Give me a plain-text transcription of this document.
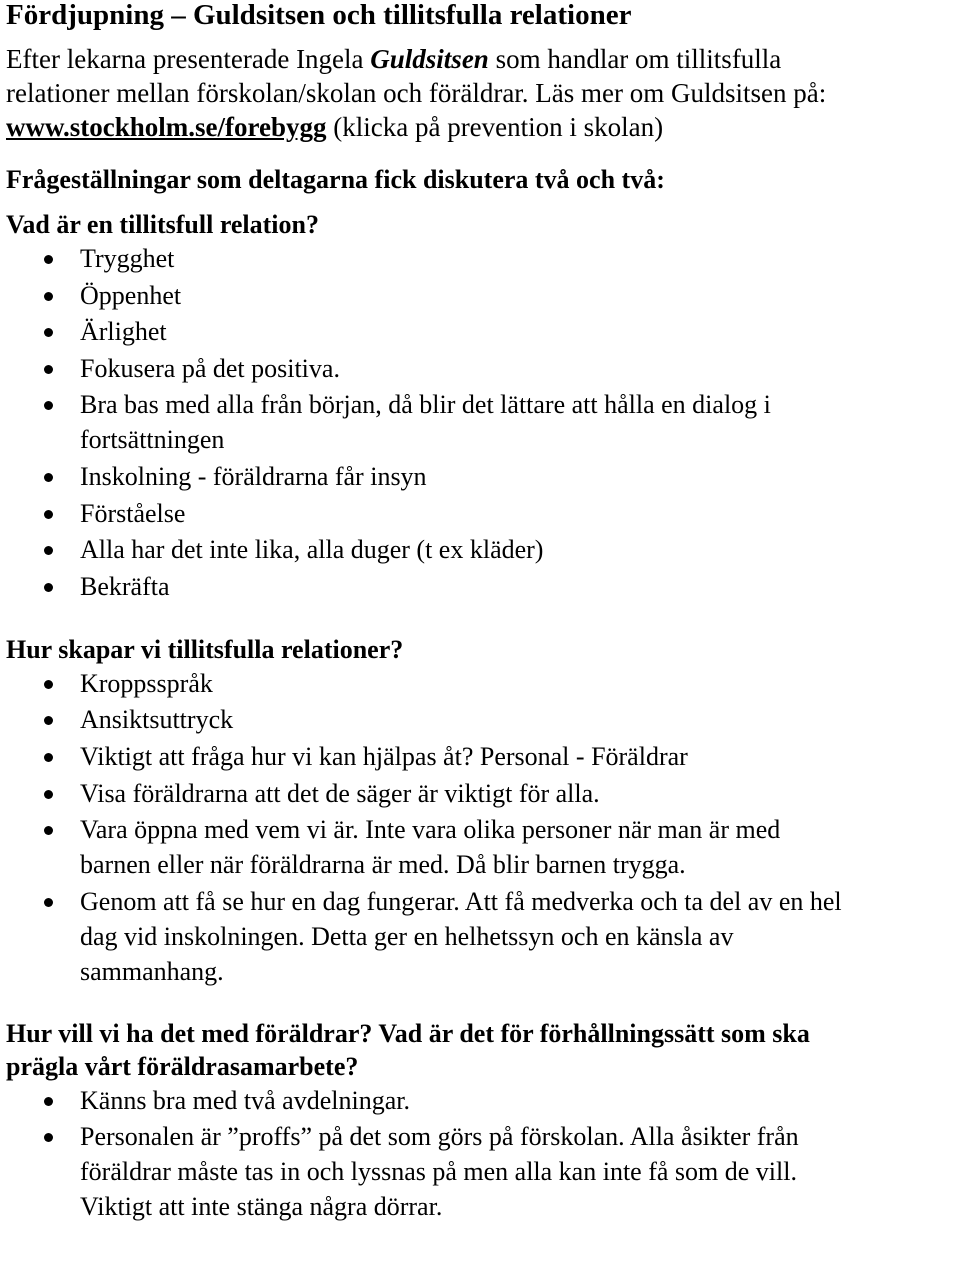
Fördjupning – Guldsitsen och tillitsfulla relationer

Efter lekarna presenterade Ingela Guldsitsen som handlar om tillitsfulla
relationer mellan förskolan/skolan och föräldrar. Läs mer om Guldsitsen på:
www.stockholm.se/forebygg (klicka på prevention i skolan)

Frågeställningar som deltagarna fick diskutera två och två:

Vad är en tillitsfull relation?

Trygghet
Öppenhet
Ärlighet
Fokusera på det positiva.
Bra bas med alla från början, då blir det lättare att hålla en dialog i
fortsättningen
Inskolning - föräldrarna får insyn
Förståelse
Alla har det inte lika, alla duger (t ex kläder)
Bekräfta

Hur skapar vi tillitsfulla relationer?

Kroppsspråk
Ansiktsuttryck
Viktigt att fråga hur vi kan hjälpas åt? Personal - Föräldrar
Visa föräldrarna att det de säger är viktigt för alla.
Vara öppna med vem vi är. Inte vara olika personer när man är med
barnen eller när föräldrarna är med. Då blir barnen trygga.
Genom att få se hur en dag fungerar. Att få medverka och ta del av en hel
dag vid inskolningen. Detta ger en helhetssyn och en känsla av
sammanhang.

Hur vill vi ha det med föräldrar? Vad är det för förhållningssätt som ska
prägla vårt föräldrasamarbete?

Känns bra med två avdelningar.
Personalen är ”proffs” på det som görs på förskolan. Alla åsikter från
föräldrar måste tas in och lyssnas på men alla kan inte få som de vill.
Viktigt att inte stänga några dörrar.
